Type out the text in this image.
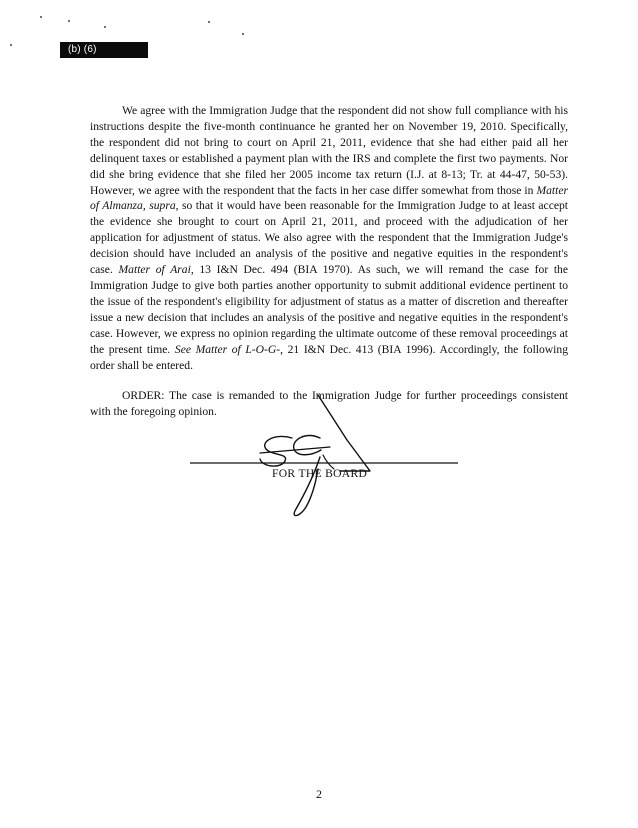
(b) (6)

We agree with the Immigration Judge that the respondent did not show full compliance with his instructions despite the five-month continuance he granted her on November 19, 2010. Specifically, the respondent did not bring to court on April 21, 2011, evidence that she had either paid all her delinquent taxes or established a payment plan with the IRS and complete the first two payments. Nor did she bring evidence that she filed her 2005 income tax return (I.J. at 8-13; Tr. at 44-47, 50-53). However, we agree with the respondent that the facts in her case differ somewhat from those in Matter of Almanza, supra, so that it would have been reasonable for the Immigration Judge to at least accept the evidence she brought to court on April 21, 2011, and proceed with the adjudication of her application for adjustment of status. We also agree with the respondent that the Immigration Judge's decision should have included an analysis of the positive and negative equities in the respondent's case. Matter of Arai, 13 I&N Dec. 494 (BIA 1970). As such, we will remand the case for the Immigration Judge to give both parties another opportunity to submit additional evidence pertinent to the issue of the respondent's eligibility for adjustment of status as a matter of discretion and thereafter issue a new decision that includes an analysis of the positive and negative equities in the respondent's case. However, we express no opinion regarding the ultimate outcome of these removal proceedings at the present time. See Matter of L-O-G-, 21 I&N Dec. 413 (BIA 1996). Accordingly, the following order shall be entered.

ORDER: The case is remanded to the Immigration Judge for further proceedings consistent with the foregoing opinion.

FOR THE BOARD
2
